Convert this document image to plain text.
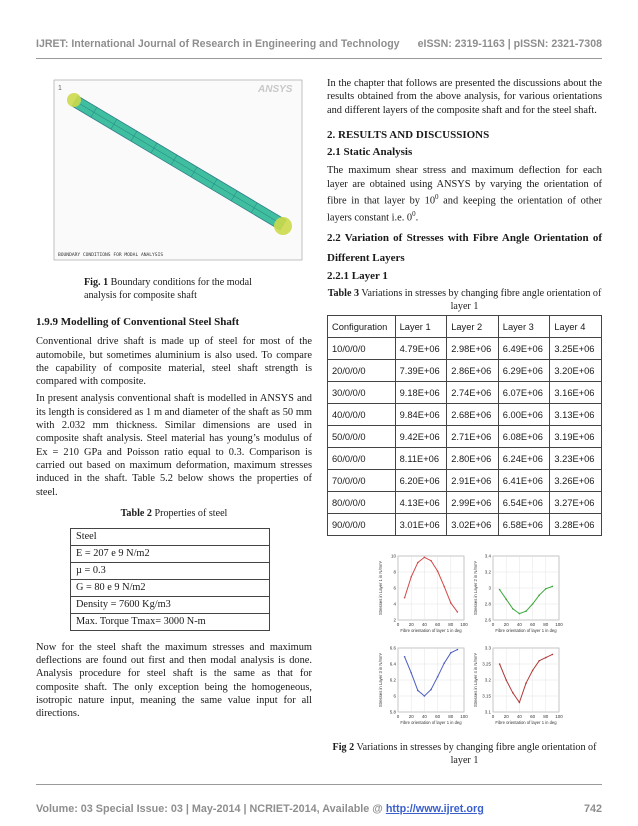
IJRET: International Journal of Research in Engineering and Technology eISSN: 2319-1163 | pISSN: 2321-7308
1	ANSYS
BOUNDARY CONDITIONS FOR MODAL ANALYSIS
Fig. 1 Boundary conditions for the modal analysis for composite shaft
1.9.9 Modelling of Conventional Steel Shaft

Conventional drive shaft is made up of steel for most of the automobile, but sometimes aluminium is also used. To compare the capability of composite material, steel shaft strength is compared with composite.

In present analysis conventional shaft is modelled in ANSYS and its length is considered as 1 m and diameter of the shaft as 50 mm with 2.032 mm thickness. Similar dimensions are used in composite shaft analysis. Steel material has young’s modulus of Ex = 210 GPa and Poisson ratio equal to 0.3. Comparison is carried out based on maximum deformation, maximum stresses induced in the shaft. Table 5.2 below shows the properties of steel.

Table 2 Properties of steel
Steel
E = 207 e 9 N/m2
µ = 0.3
G = 80 e 9 N/m2
Density = 7600 Kg/m3
Max. Torque Tmax= 3000 N-m

Now for the steel shaft the maximum stresses and maximum deflections are found out first and then modal analysis is done. Analysis procedure for steel shaft is the same as that for composite shaft. The only exception being the homogeneous, isotropic nature input, meaning the same value input for all directions.

In the chapter that follows are presented the discussions about the results obtained from the above analysis, for various orientations and different layers of the composite shaft and for the steel shaft.

2. RESULTS AND DISCUSSIONS
2.1 Static Analysis

The maximum shear stress and maximum deflection for each layer are obtained using ANSYS by varying the orientation of fibre in that layer by $10^0$ and keeping the orientation of other layers constant i.e. $0^0$.

2.2 Variation of Stresses with Fibre Angle Orientation of Different Layers
2.2.1 Layer 1
Table 3 Variations in stresses by changing fibre angle orientation of layer 1
Configuration	Layer 1	Layer 2	Layer 3	Layer 4
10/0/0/0	4.79E+06	2.98E+06	6.49E+06	3.25E+06
20/0/0/0	7.39E+06	2.86E+06	6.29E+06	3.20E+06
30/0/0/0	9.18E+06	2.74E+06	6.07E+06	3.16E+06
40/0/0/0	9.84E+06	2.68E+06	6.00E+06	3.13E+06
50/0/0/0	9.42E+06	2.71E+06	6.08E+06	3.19E+06
60/0/0/0	8.11E+06	2.80E+06	6.24E+06	3.23E+06
70/0/0/0	6.20E+06	2.91E+06	6.41E+06	3.26E+06
80/0/0/0	4.13E+06	2.99E+06	6.54E+06	3.27E+06
90/0/0/0	3.01E+06	3.02E+06	6.58E+06	3.28E+06
0 20 40 60 80 100
2
4
6
8
10
Fibre orientation of layer 1 in deg
Stresses in Layer 1 in N/mm²
0 20 40 60 80 100
2.6
2.8
3
3.2
3.4
Fibre orientation of layer 1 in deg
Stresses in Layer 2 in N/mm²
0 20 40 60 80 100
5.8
6
6.2
6.4
6.6
Fibre orientation of layer 1 in deg
Stresses in Layer 3 in N/mm²
0 20 40 60 80 100
3.1
3.15
3.2
3.25
3.3
Fibre orientation of layer 1 in deg
Stresses in Layer 4 in N/mm²
Fig 2 Variations in stresses by changing fibre angle orientation of layer 1
Volume: 03 Special Issue: 03 | May-2014 | NCRIET-2014, Available @ http://www.ijret.org	742
